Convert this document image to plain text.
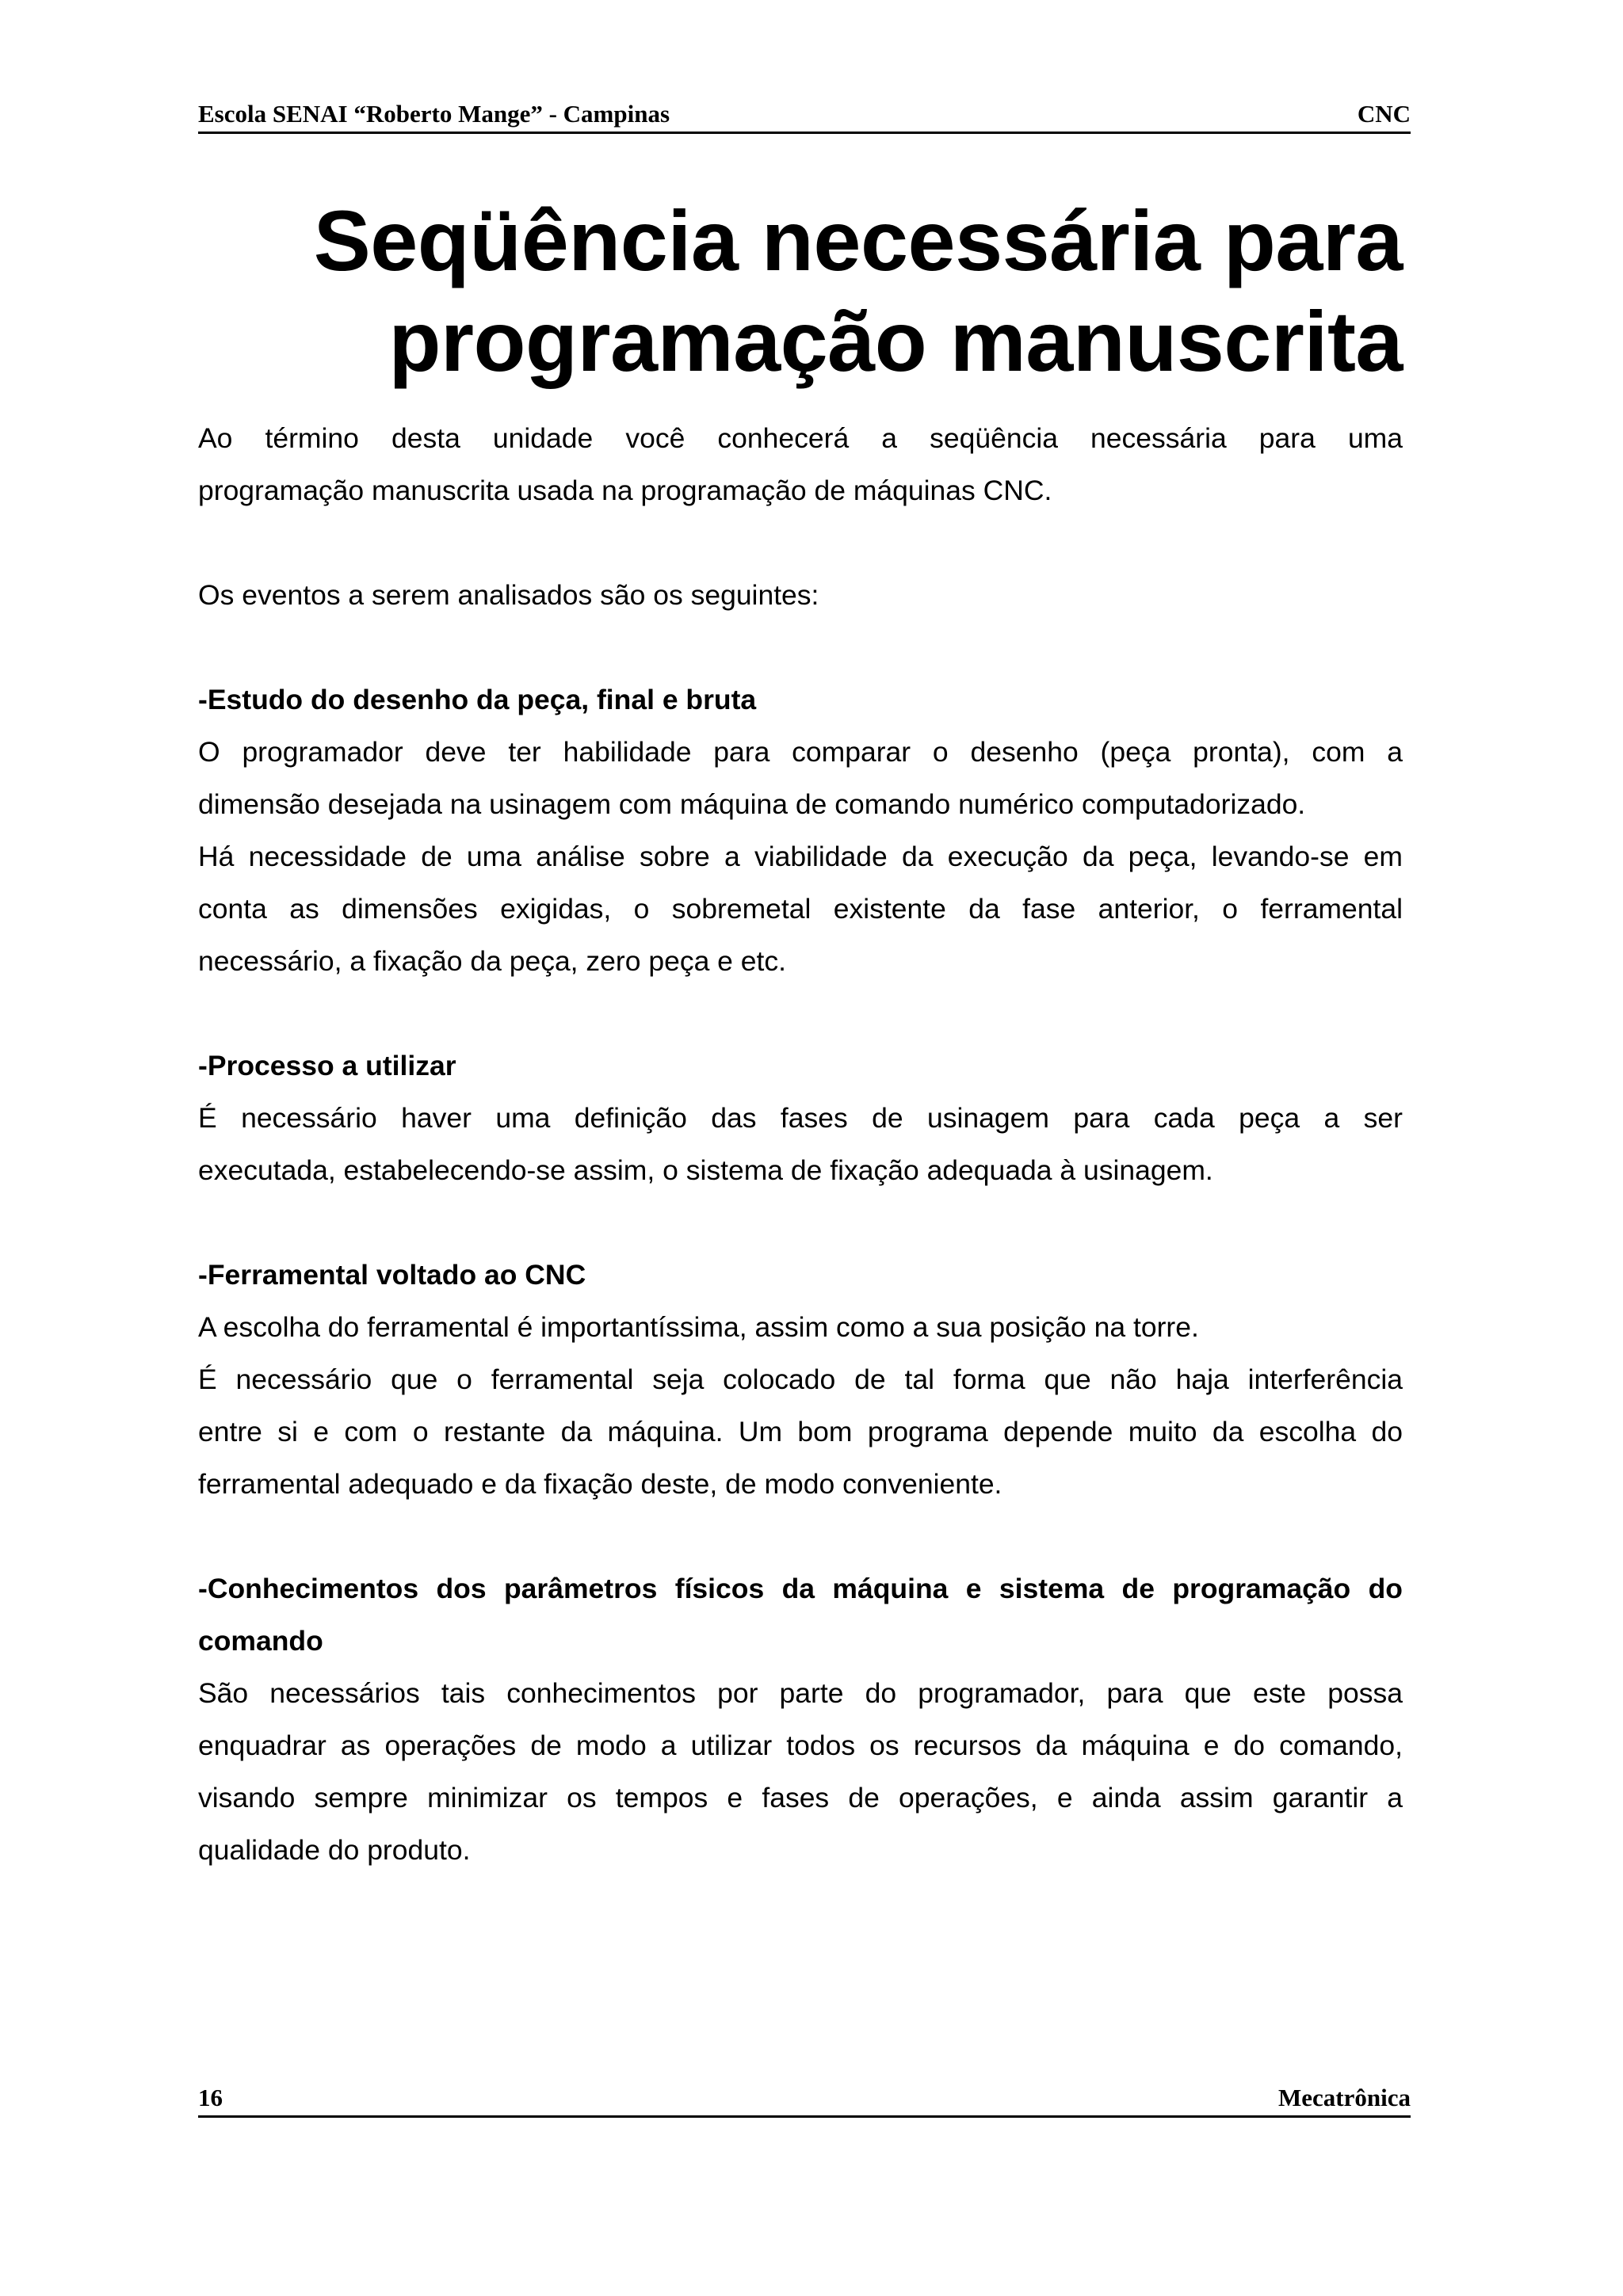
Escola SENAI “Roberto Mange” - Campinas	CNC
Seqüência necessária para
programação manuscrita

Ao término desta unidade você conhecerá a seqüência necessária para uma
programação manuscrita usada na programação de máquinas CNC.

Os eventos a serem analisados são os seguintes:

-Estudo do desenho da peça, final e bruta

O programador deve ter habilidade para comparar o desenho (peça pronta), com a
dimensão desejada na usinagem com máquina de comando numérico computadorizado.
Há necessidade de uma análise sobre a viabilidade da execução da peça, levando-se em
conta as dimensões exigidas, o sobremetal existente da fase anterior, o ferramental
necessário, a fixação da peça, zero peça e etc.

-Processo a utilizar

É necessário haver uma definição das fases de usinagem para cada peça a ser
executada, estabelecendo-se assim, o sistema de fixação adequada à usinagem.

-Ferramental voltado ao CNC

A escolha do ferramental é importantíssima, assim como a sua posição na torre.
É necessário que o ferramental seja colocado de tal forma que não haja interferência
entre si e com o restante da máquina. Um bom programa depende muito da escolha do
ferramental adequado e da fixação deste, de modo conveniente.

-Conhecimentos dos parâmetros físicos da máquina e sistema de programação do
comando

São necessários tais conhecimentos por parte do programador, para que este possa
enquadrar as operações de modo a utilizar todos os recursos da máquina e do comando,
visando sempre minimizar os tempos e fases de operações, e ainda assim garantir a
qualidade do produto.

16	Mecatrônica
